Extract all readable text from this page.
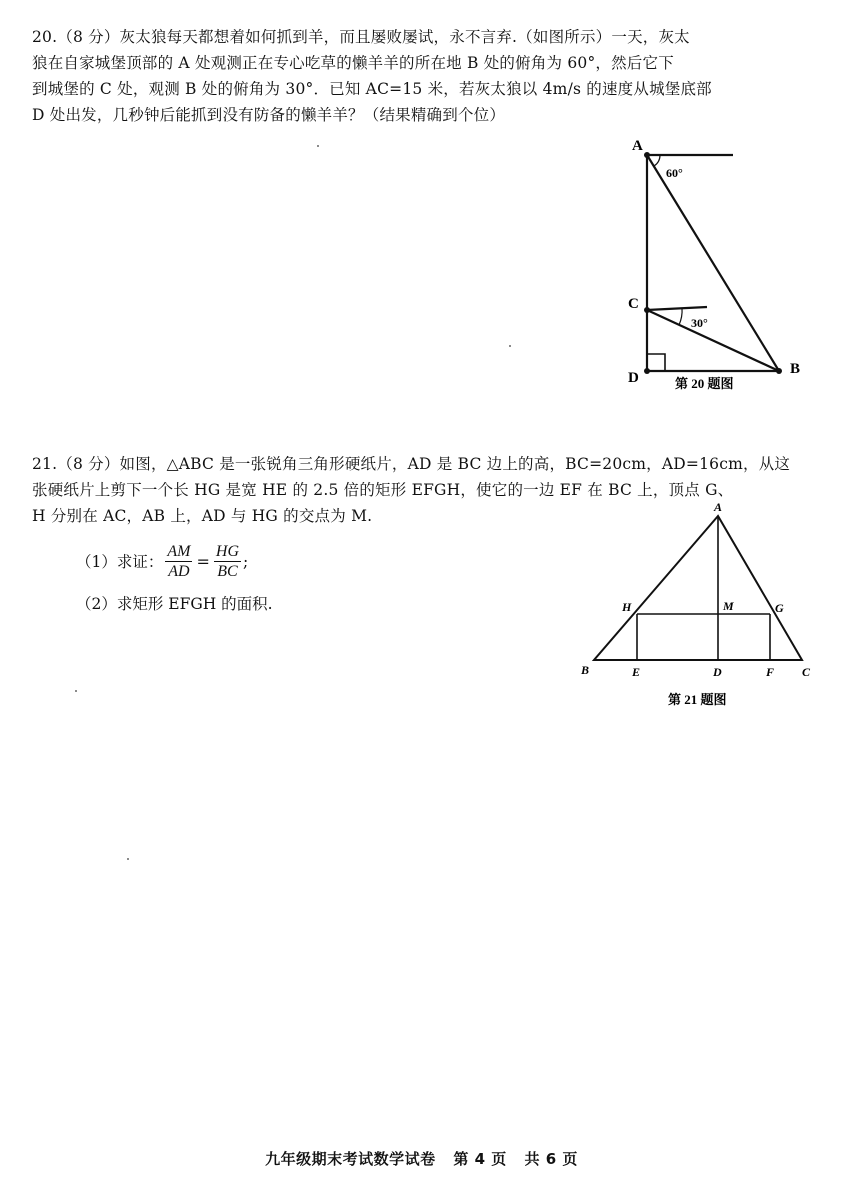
20.（8 分）灰太狼每天都想着如何抓到羊，而且屡败屡试，永不言弃.（如图所示）一天，灰太
狼在自家城堡顶部的 A 处观测正在专心吃草的懒羊羊的所在地 B 处的俯角为 60°，然后它下
到城堡的 C 处，观测 B 处的俯角为 30°．已知 AC=15 米，若灰太狼以 4m/s 的速度从城堡底部
D 处出发，几秒钟后能抓到没有防备的懒羊羊？（结果精确到个位）
A
C
D
B
60°
30°
第 20 题图
21.（8 分）如图，△ABC 是一张锐角三角形硬纸片，AD 是 BC 边上的高，BC=20cm，AD=16cm，从这
张硬纸片上剪下一个长 HG 是宽 HE 的 2.5 倍的矩形 EFGH，使它的一边 EF 在 BC 上，顶点 G、
H 分别在 AC，AB 上，AD 与 HG 的交点为 M.
（1）求证： $\frac{AM}{AD} = \frac{HG}{BC}$ ;
（2）求矩形 EFGH 的面积.
A
H	M	G
B	E	D	F C
第 21 题图
九年级期末考试数学试卷 第 4 页 共 6 页
